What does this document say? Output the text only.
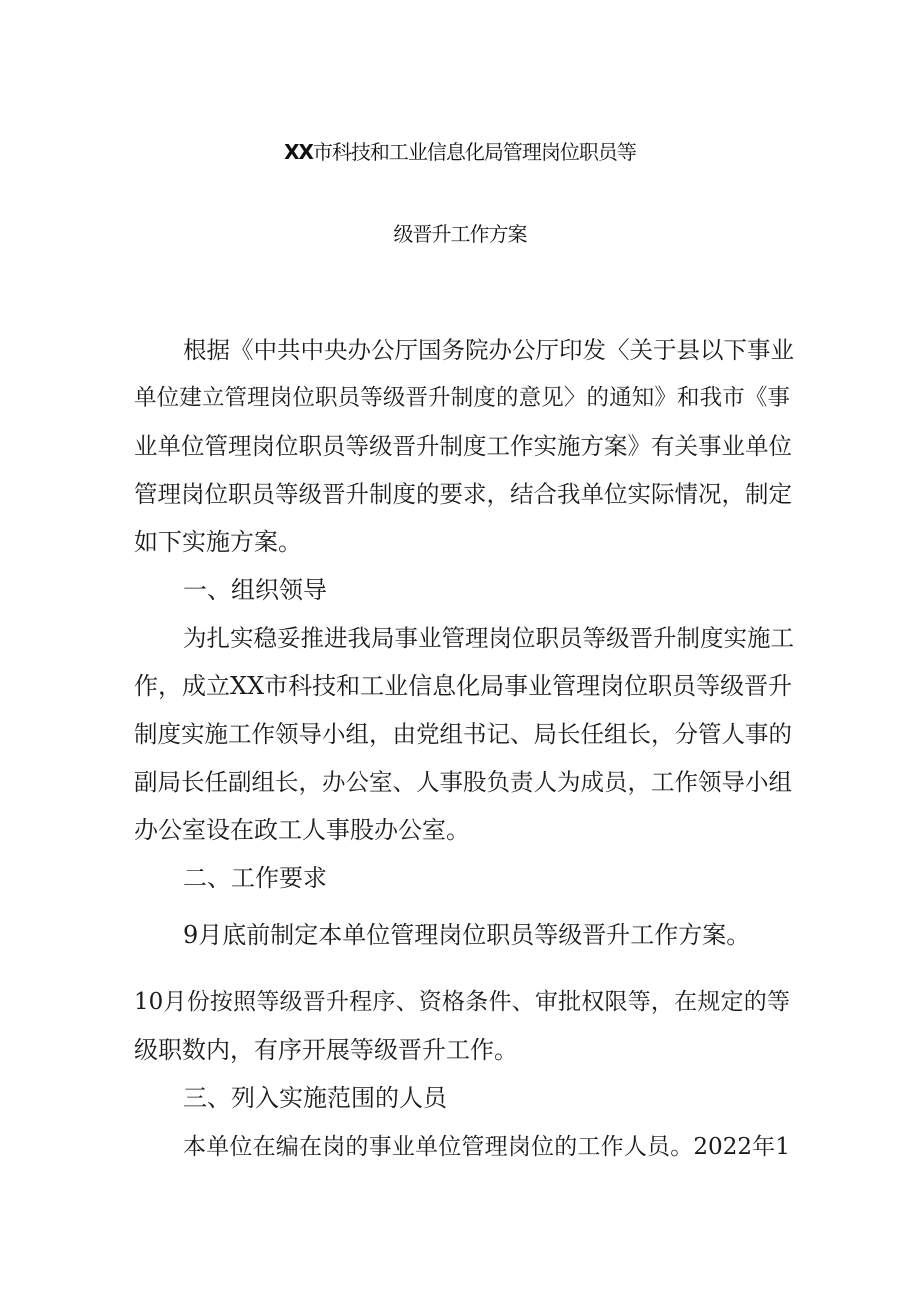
XX市科技和工业信息化局管理岗位职员等
级晋升工作方案

根据《中共中央办公厅国务院办公厅印发〈关于县以下事业

单位建立管理岗位职员等级晋升制度的意见〉的通知》和我市《事

业单位管理岗位职员等级晋升制度工作实施方案》有关事业单位

管理岗位职员等级晋升制度的要求，结合我单位实际情况，制定

如下实施方案。

一、组织领导

为扎实稳妥推进我局事业管理岗位职员等级晋升制度实施工

作，成立XX市科技和工业信息化局事业管理岗位职员等级晋升

制度实施工作领导小组，由党组书记、局长任组长，分管人事的

副局长任副组长，办公室、人事股负责人为成员，工作领导小组

办公室设在政工人事股办公室。

二、工作要求

9月底前制定本单位管理岗位职员等级晋升工作方案。

10月份按照等级晋升程序、资格条件、审批权限等，在规定的等

级职数内，有序开展等级晋升工作。

三、列入实施范围的人员

本单位在编在岗的事业单位管理岗位的工作人员。2022年1
